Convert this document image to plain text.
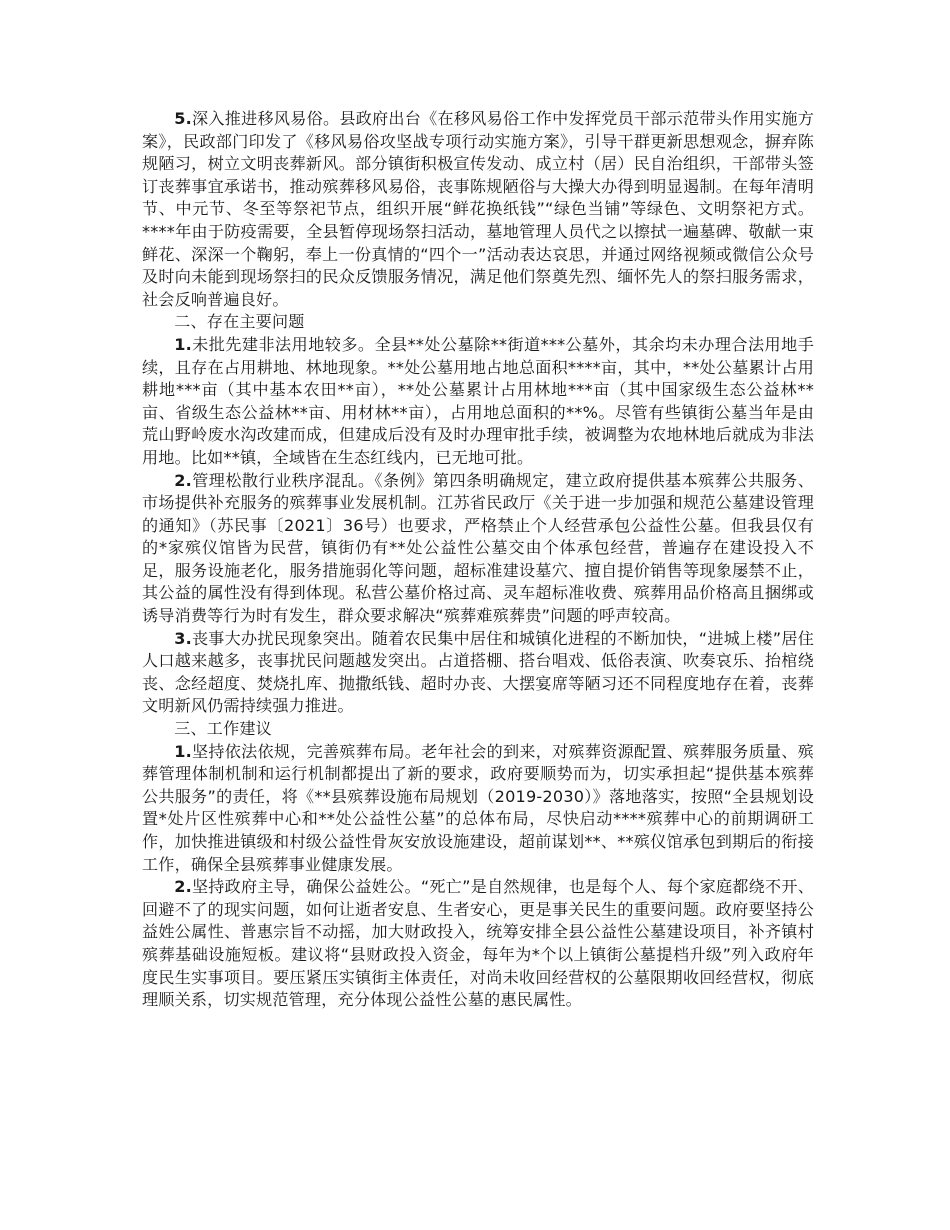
5.深入推进移风易俗。县政府出台《在移风易俗工作中发挥党员干部示范带头作用实施方案》，民政部门印发了《移风易俗攻坚战专项行动实施方案》，引导干群更新思想观念，摒弃陈规陋习，树立文明丧葬新风。部分镇街积极宣传发动、成立村（居）民自治组织，干部带头签订丧葬事宜承诺书，推动殡葬移风易俗，丧事陈规陋俗与大操大办得到明显遏制。在每年清明节、中元节、冬至等祭祀节点，组织开展“鲜花换纸钱”“绿色当铺”等绿色、文明祭祀方式。****年由于防疫需要，全县暂停现场祭扫活动，墓地管理人员代之以擦拭一遍墓碑、敬献一束鲜花、深深一个鞠躬，奉上一份真情的“四个一”活动表达哀思，并通过网络视频或微信公众号及时向未能到现场祭扫的民众反馈服务情况，满足他们祭奠先烈、缅怀先人的祭扫服务需求，社会反响普遍良好。

二、存在主要问题

1.未批先建非法用地较多。全县**处公墓除**街道***公墓外，其余均未办理合法用地手续，且存在占用耕地、林地现象。**处公墓用地占地总面积****亩，其中，**处公墓累计占用耕地***亩（其中基本农田**亩），**处公墓累计占用林地***亩（其中国家级生态公益林**亩、省级生态公益林**亩、用材林**亩），占用地总面积的**%。尽管有些镇街公墓当年是由荒山野岭废水沟改建而成，但建成后没有及时办理审批手续，被调整为农地林地后就成为非法用地。比如**镇，全域皆在生态红线内，已无地可批。

2.管理松散行业秩序混乱。《条例》第四条明确规定，建立政府提供基本殡葬公共服务、市场提供补充服务的殡葬事业发展机制。江苏省民政厅《关于进一步加强和规范公墓建设管理的通知》（苏民事〔2021〕36号）也要求，严格禁止个人经营承包公益性公墓。但我县仅有的*家殡仪馆皆为民营，镇街仍有**处公益性公墓交由个体承包经营，普遍存在建设投入不足，服务设施老化，服务措施弱化等问题，超标准建设墓穴、擅自提价销售等现象屡禁不止，其公益的属性没有得到体现。私营公墓价格过高、灵车超标准收费、殡葬用品价格高且捆绑或诱导消费等行为时有发生，群众要求解决“殡葬难殡葬贵”问题的呼声较高。

3.丧事大办扰民现象突出。随着农民集中居住和城镇化进程的不断加快，“进城上楼”居住人口越来越多，丧事扰民问题越发突出。占道搭棚、搭台唱戏、低俗表演、吹奏哀乐、抬棺绕丧、念经超度、焚烧扎库、抛撒纸钱、超时办丧、大摆宴席等陋习还不同程度地存在着，丧葬文明新风仍需持续强力推进。

三、工作建议

1.坚持依法依规，完善殡葬布局。老年社会的到来，对殡葬资源配置、殡葬服务质量、殡葬管理体制机制和运行机制都提出了新的要求，政府要顺势而为，切实承担起“提供基本殡葬公共服务”的责任，将《**县殡葬设施布局规划（2019-2030）》落地落实，按照“全县规划设置*处片区性殡葬中心和**处公益性公墓”的总体布局，尽快启动****殡葬中心的前期调研工作，加快推进镇级和村级公益性骨灰安放设施建设，超前谋划**、**殡仪馆承包到期后的衔接工作，确保全县殡葬事业健康发展。

2.坚持政府主导，确保公益姓公。“死亡”是自然规律，也是每个人、每个家庭都绕不开、回避不了的现实问题，如何让逝者安息、生者安心，更是事关民生的重要问题。政府要坚持公益姓公属性、普惠宗旨不动摇，加大财政投入，统筹安排全县公益性公墓建设项目，补齐镇村殡葬基础设施短板。建议将“县财政投入资金，每年为*个以上镇街公墓提档升级”列入政府年度民生实事项目。要压紧压实镇街主体责任，对尚未收回经营权的公墓限期收回经营权，彻底理顺关系，切实规范管理，充分体现公益性公墓的惠民属性。
